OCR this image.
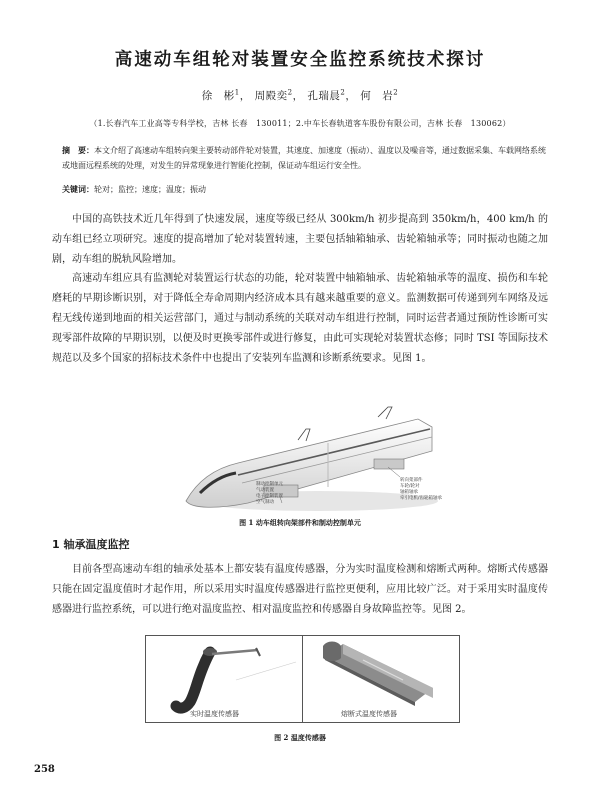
高速动车组轮对装置安全监控系统技术探讨
徐　彬$^1$， 周殿奕$^2$， 孔瑞晨$^2$， 何　岩$^2$
（1.长春汽车工业高等专科学校，吉林 长春　130011；2.中车长春轨道客车股份有限公司，吉林 长春　130062）
摘　要：本文介绍了高速动车组转向架主要转动部件轮对装置，其速度、加速度（振动）、温度以及噪音等，通过数据采集、车载网络系统或地面远程系统的处理，对发生的异常现象进行智能化控制，保证动车组运行安全性。
关键词：轮对；监控；速度；温度；振动

中国的高铁技术近几年得到了快速发展，速度等级已经从 300km/h 初步提高到 350km/h，400 km/h 的动车组已经立项研究。速度的提高增加了轮对装置转速，主要包括轴箱轴承、齿轮箱轴承等；同时振动也随之加剧，动车组的脱轨风险增加。

高速动车组应具有监测轮对装置运行状态的功能，轮对装置中轴箱轴承、齿轮箱轴承等的温度、损伤和车轮磨耗的早期诊断识别，对于降低全寿命周期内经济成本具有越来越重要的意义。监测数据可传递到列车网络及远程无线传递到地面的相关运营部门，通过与制动系统的关联对动车组进行控制，同时运营者通过预防性诊断可实现零部件故障的早期识别，以便及时更换零部件或进行修复，由此可实现轮对装置状态修；同时 TSI 等国际技术规范以及多个国家的招标技术条件中也提出了安装列车监测和诊断系统要求。见图 1。

转向架部件
车轮/轮对
轴箱轴承
牵引电机/齿轮箱轴承
制动控制单元
气动装置
电子控制装置
空气制动
图 1 动车组转向架部件和制动控制单元
1 轴承温度监控

目前各型高速动车组的轴承处基本上都安装有温度传感器，分为实时温度检测和熔断式两种。熔断式传感器只能在固定温度值时才起作用，所以采用实时温度传感器进行监控更便利，应用比较广泛。对于采用实时温度传感器进行监控系统，可以进行绝对温度监控、相对温度监控和传感器自身故障监控等。见图 2。

实时温度传感器	熔断式温度传感器
图 2 温度传感器
258
